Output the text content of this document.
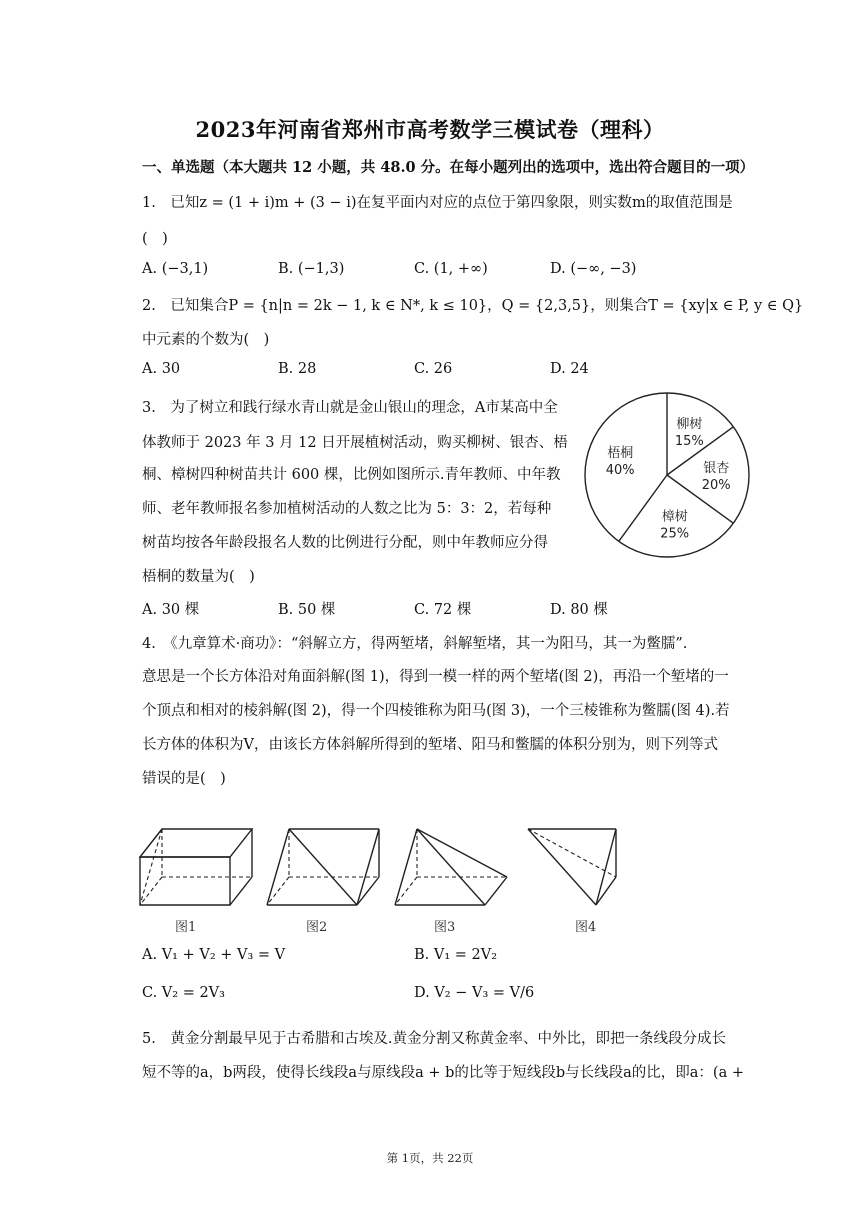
2023年河南省郑州市高考数学三模试卷（理科）
一、单选题（本大题共 12 小题，共 48.0 分。在每小题列出的选项中，选出符合题目的一项）
1.　已知z = (1 + i)m + (3 − i)在复平面内对应的点位于第四象限，则实数m的取值范围是
(　)
A. (−3,1)	B. (−1,3)	C. (1, +∞)	D. (−∞, −3)
2.　已知集合P = {n|n = 2k − 1, k ∈ N*, k ≤ 10}，Q = {2,3,5}，则集合T = {xy|x ∈ P, y ∈ Q}
中元素的个数为(　)
A. 30	B. 28	C. 26	D. 24
3.　为了树立和践行绿水青山就是金山银山的理念，A市某高中全
体教师于 2023 年 3 月 12 日开展植树活动，购买柳树、银杏、梧
桐、樟树四种树苗共计 600 棵，比例如图所示.青年教师、中年教
师、老年教师报名参加植树活动的人数之比为 5：3：2，若每种
树苗均按各年龄段报名人数的比例进行分配，则中年教师应分得
梧桐的数量为(　)
柳树
15%
银杏
20%
樟树
25%
梧桐
40%
A. 30 棵	B. 50 棵	C. 72 棵	D. 80 棵
4.　《九章算术·商功》：“斜解立方，得两堑堵，斜解堑堵，其一为阳马，其一为鳖臑”.
意思是一个长方体沿对角面斜解(图 1)，得到一模一样的两个堑堵(图 2)，再沿一个堑堵的一
个顶点和相对的棱斜解(图 2)，得一个四棱锥称为阳马(图 3)，一个三棱锥称为鳖臑(图 4).若
长方体的体积为V，由该长方体斜解所得到的堑堵、阳马和鳖臑的体积分别为，则下列等式
错误的是(　)
图1	图2	图3	图4
A. V₁ + V₂ + V₃ = V	B. V₁ = 2V₂
C. V₂ = 2V₃	D. V₂ − V₃ = V/6
5.　黄金分割最早见于古希腊和古埃及.黄金分割又称黄金率、中外比，即把一条线段分成长
短不等的a，b两段，使得长线段a与原线段a + b的比等于短线段b与长线段a的比，即a：(a +
第 1页，共 22页
